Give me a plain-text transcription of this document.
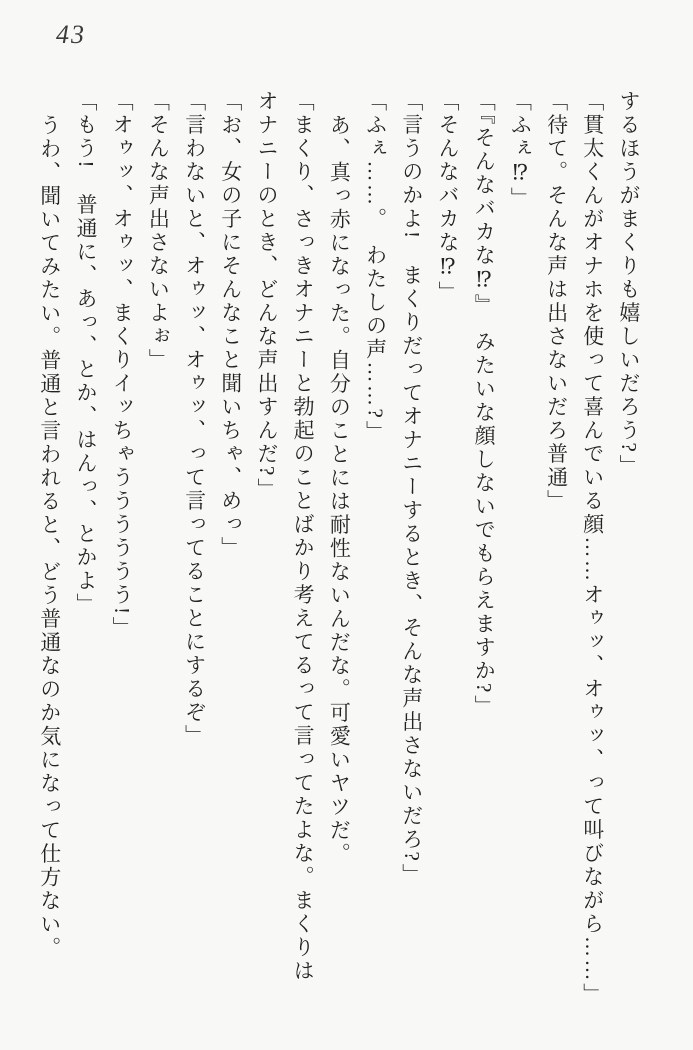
43

するほうがまくりも嬉しいだろう?」

「貫太くんがオナホを使って喜んでいる顔……オゥッ、オゥッ、って叫びながら……」

「待て。そんな声は出さないだろ普通」

「ふぇ⁉」

「『そんなバカな⁉』　みたいな顔しないでもらえますか?」

「そんなバカな⁉」

「言うのかよ!　まくりだってオナニーするとき、そんな声出さないだろ?」

「ふぇ……。　わたしの声……?」

あ、真っ赤になった。自分のことには耐性ないんだな。可愛いヤツだ。

「まくり、さっきオナニーと勃起のことばかり考えてるって言ってたよな。まくりは

オナニーのとき、どんな声出すんだ?」

「お、女の子にそんなこと聞いちゃ、めっ」

「言わないと、オゥッ、オゥッ、って言ってることにするぞ」

「そんな声出さないよぉ」

「オゥッ、オゥッ、まくりイッちゃうううううう!」

「もう!　普通に、あっ、とか、はんっ、とかよ」

うわ、聞いてみたい。普通と言われると、どう普通なのか気になって仕方ない。
